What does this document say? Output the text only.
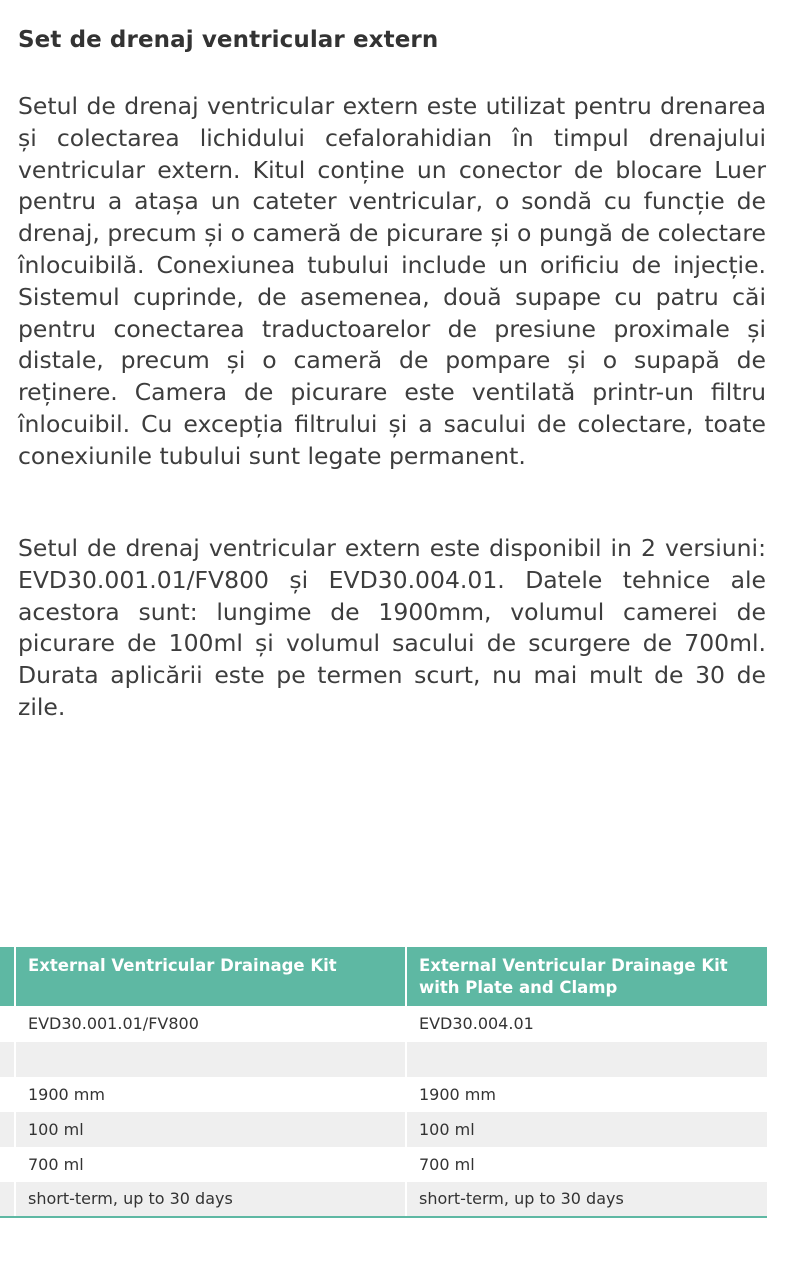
Set de drenaj ventricular extern

Setul de drenaj ventricular extern este utilizat pentru drenarea și colectarea lichidului cefalorahidian în timpul drenajului ventricular extern. Kitul conține un conector de blocare Luer pentru a atașa un cateter ventricular, o sondă cu funcție de drenaj, precum și o cameră de picurare și o pungă de colectare înlocuibilă. Conexiunea tubului include un orificiu de injecție. Sistemul cuprinde, de asemenea, două supape cu patru căi pentru conectarea traductoarelor de presiune proximale și distale, precum și o cameră de pompare și o supapă de reținere. Camera de picurare este ventilată printr-un filtru înlocuibil. Cu excepția filtrului și a sacului de colectare, toate conexiunile tubului sunt legate permanent.

Setul de drenaj ventricular extern este disponibil in 2 versiuni: EVD30.001.01/FV800 și EVD30.004.01. Datele tehnice ale acestora sunt: lungime de 1900mm, volumul camerei de picurare de 100ml și volumul sacului de scurgere de 700ml. Durata aplicării este pe termen scurt, nu mai mult de 30 de zile.

	External Ventricular Drainage Kit	External Ventricular Drainage Kit with Plate and Clamp
	EVD30.001.01/FV800	EVD30.004.01

	1900 mm	1900 mm
	100 ml	100 ml
	700 ml	700 ml
	short-term, up to 30 days	short-term, up to 30 days
